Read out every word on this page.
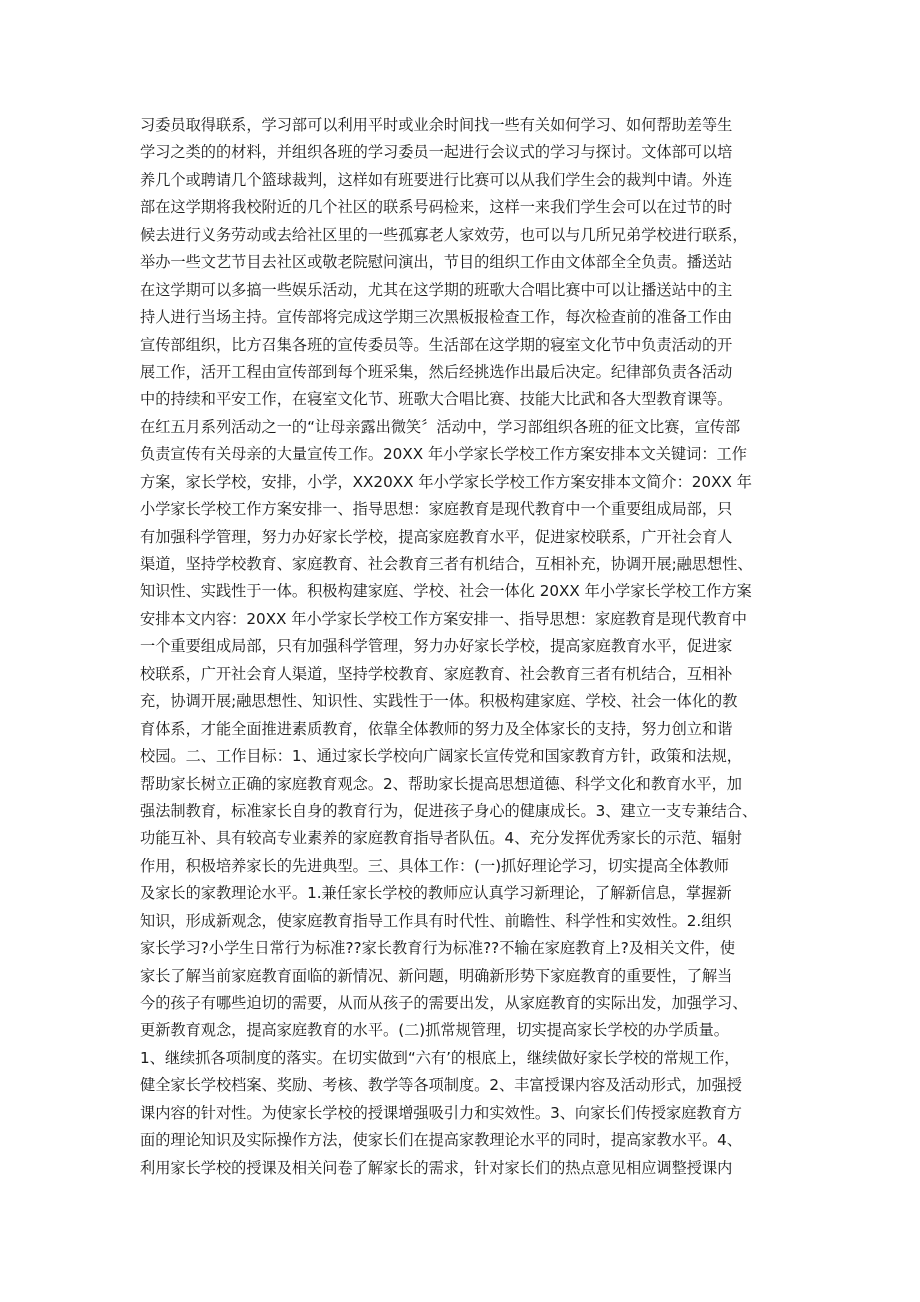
习委员取得联系，学习部可以利用平时或业余时间找一些有关如何学习、如何帮助差等生
学习之类的的材料，并组织各班的学习委员一起进行会议式的学习与探讨。文体部可以培
养几个或聘请几个篮球裁判，这样如有班要进行比赛可以从我们学生会的裁判中请。外连
部在这学期将我校附近的几个社区的联系号码检来，这样一来我们学生会可以在过节的时
候去进行义务劳动或去给社区里的一些孤寡老人家效劳，也可以与几所兄弟学校进行联系，
举办一些文艺节目去社区或敬老院慰问演出，节目的组织工作由文体部全全负责。播送站
在这学期可以多搞一些娱乐活动，尤其在这学期的班歌大合唱比赛中可以让播送站中的主
持人进行当场主持。宣传部将完成这学期三次黑板报检查工作，每次检查前的准备工作由
宣传部组织，比方召集各班的宣传委员等。生活部在这学期的寝室文化节中负责活动的开
展工作，活开工程由宣传部到每个班采集，然后经挑选作出最后决定。纪律部负责各活动
中的持续和平安工作，在寝室文化节、班歌大合唱比赛、技能大比武和各大型教育课等。
在红五月系列活动之一的“让母亲露出微笑〞活动中，学习部组织各班的征文比赛，宣传部
负责宣传有关母亲的大量宣传工作。20XX 年小学家长学校工作方案安排本文关键词：工作
方案，家长学校，安排，小学，XX20XX 年小学家长学校工作方案安排本文简介：20XX 年
小学家长学校工作方案安排一、指导思想：家庭教育是现代教育中一个重要组成局部，只
有加强科学管理，努力办好家长学校，提高家庭教育水平，促进家校联系，广开社会育人
渠道，坚持学校教育、家庭教育、社会教育三者有机结合，互相补充，协调开展;融思想性、
知识性、实践性于一体。积极构建家庭、学校、社会一体化 20XX 年小学家长学校工作方案
安排本文内容：20XX 年小学家长学校工作方案安排一、指导思想：家庭教育是现代教育中
一个重要组成局部，只有加强科学管理，努力办好家长学校，提高家庭教育水平，促进家
校联系，广开社会育人渠道，坚持学校教育、家庭教育、社会教育三者有机结合，互相补
充，协调开展;融思想性、知识性、实践性于一体。积极构建家庭、学校、社会一体化的教
育体系，才能全面推进素质教育，依靠全体教师的努力及全体家长的支持，努力创立和谐
校园。二、工作目标：1、通过家长学校向广阔家长宣传党和国家教育方针，政策和法规，
帮助家长树立正确的家庭教育观念。2、帮助家长提高思想道德、科学文化和教育水平，加
强法制教育，标准家长自身的教育行为，促进孩子身心的健康成长。3、建立一支专兼结合、
功能互补、具有较高专业素养的家庭教育指导者队伍。4、充分发挥优秀家长的示范、辐射
作用，积极培养家长的先进典型。三、具体工作：(一)抓好理论学习，切实提高全体教师
及家长的家教理论水平。1.兼任家长学校的教师应认真学习新理论，了解新信息，掌握新
知识，形成新观念，使家庭教育指导工作具有时代性、前瞻性、科学性和实效性。2.组织
家长学习?小学生日常行为标准??家长教育行为标准??不输在家庭教育上?及相关文件，使
家长了解当前家庭教育面临的新情况、新问题，明确新形势下家庭教育的重要性，了解当
今的孩子有哪些迫切的需要，从而从孩子的需要出发，从家庭教育的实际出发，加强学习、
更新教育观念，提高家庭教育的水平。(二)抓常规管理，切实提高家长学校的办学质量。
1、继续抓各项制度的落实。在切实做到“六有’的根底上，继续做好家长学校的常规工作，
健全家长学校档案、奖励、考核、教学等各项制度。2、丰富授课内容及活动形式，加强授
课内容的针对性。为使家长学校的授课增强吸引力和实效性。3、向家长们传授家庭教育方
面的理论知识及实际操作方法，使家长们在提高家教理论水平的同时，提高家教水平。4、
利用家长学校的授课及相关问卷了解家长的需求，针对家长们的热点意见相应调整授课内
